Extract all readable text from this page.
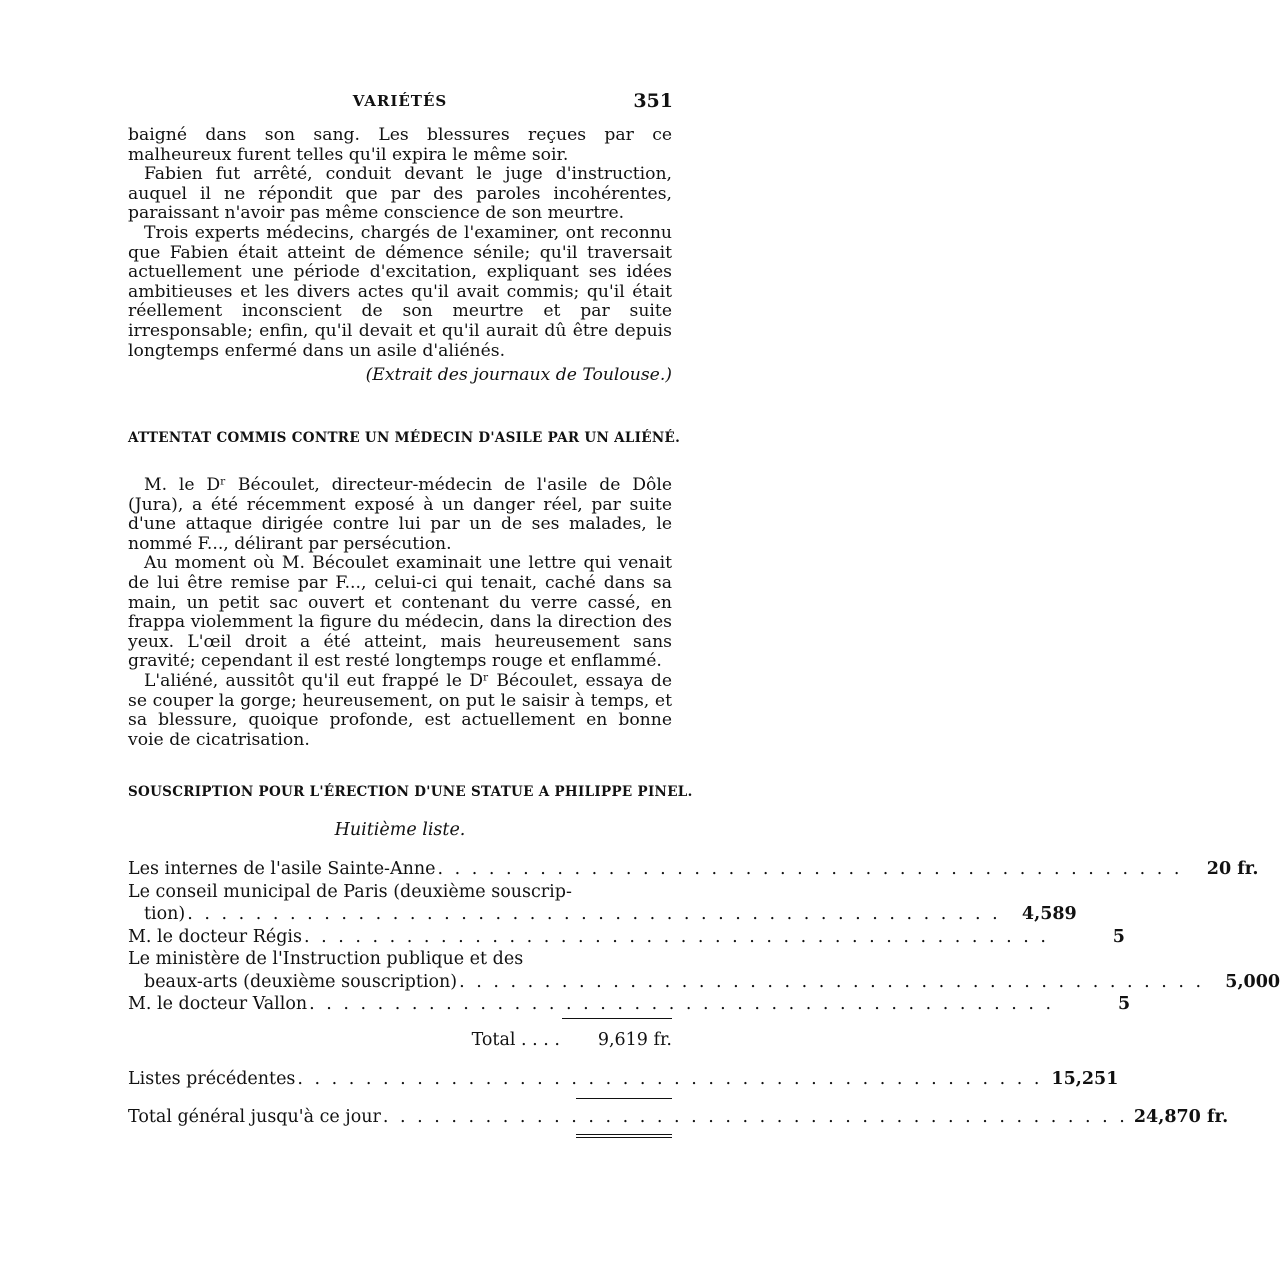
VARIÉTÉS	351

baigné dans son sang. Les blessures reçues par ce malheureux furent telles qu'il expira le même soir.

Fabien fut arrêté, conduit devant le juge d'instruction, auquel il ne répondit que par des paroles incohérentes, paraissant n'avoir pas même conscience de son meurtre.

Trois experts médecins, chargés de l'examiner, ont reconnu que Fabien était atteint de démence sénile; qu'il traversait actuellement une période d'excitation, expliquant ses idées ambitieuses et les divers actes qu'il avait commis; qu'il était réellement inconscient de son meurtre et par suite irresponsable; enfin, qu'il devait et qu'il aurait dû être depuis longtemps enfermé dans un asile d'aliénés.

(Extrait des journaux de Toulouse.)

ATTENTAT COMMIS CONTRE UN MÉDECIN D'ASILE PAR UN ALIÉNÉ.

M. le Dʳ Bécoulet, directeur-médecin de l'asile de Dôle (Jura), a été récemment exposé à un danger réel, par suite d'une attaque dirigée contre lui par un de ses malades, le nommé F..., délirant par persécution.

Au moment où M. Bécoulet examinait une lettre qui venait de lui être remise par F..., celui-ci qui tenait, caché dans sa main, un petit sac ouvert et contenant du verre cassé, en frappa violemment la figure du médecin, dans la direction des yeux. L'œil droit a été atteint, mais heureusement sans gravité; cependant il est resté longtemps rouge et enflammé.

L'aliéné, aussitôt qu'il eut frappé le Dʳ Bécoulet, essaya de se couper la gorge; heureusement, on put le saisir à temps, et sa blessure, quoique profonde, est actuellement en bonne voie de cicatrisation.

SOUSCRIPTION POUR L'ÉRECTION D'UNE STATUE A PHILIPPE PINEL.
Huitième liste.
Les internes de l'asile Sainte-Anne . . . . . . . . . . . . . . . . . . . . . . . . . . . . . . . . . . . . . . . . . . . .	20 fr.
Le conseil municipal de Paris (deuxième souscrip-
tion) . . . . . . . . . . . . . . . . . . . . . . . . . . . . . . . . . . . . . . . . . . . . . . . .	4,589
M. le docteur Régis . . . . . . . . . . . . . . . . . . . . . . . . . . . . . . . . . . . . . . . . . . . .	5
Le ministère de l'Instruction publique et des
beaux-arts (deuxième souscription) . . . . . . . . . . . . . . . . . . . . . . . . . . . . . . . . . . . . . . . . . . . .	5,000
M. le docteur Vallon . . . . . . . . . . . . . . . . . . . . . . . . . . . . . . . . . . . . . . . . . . . .	5
Total . . . .	9,619 fr.
Listes précédentes . . . . . . . . . . . . . . . . . . . . . . . . . . . . . . . . . . . . . . . . . . . . 15,251
Total général jusqu'à ce jour . . . . . . . . . . . . . . . . . . . . . . . . . . . . . . . . . . . . . . . . . . . . 24,870 fr.
